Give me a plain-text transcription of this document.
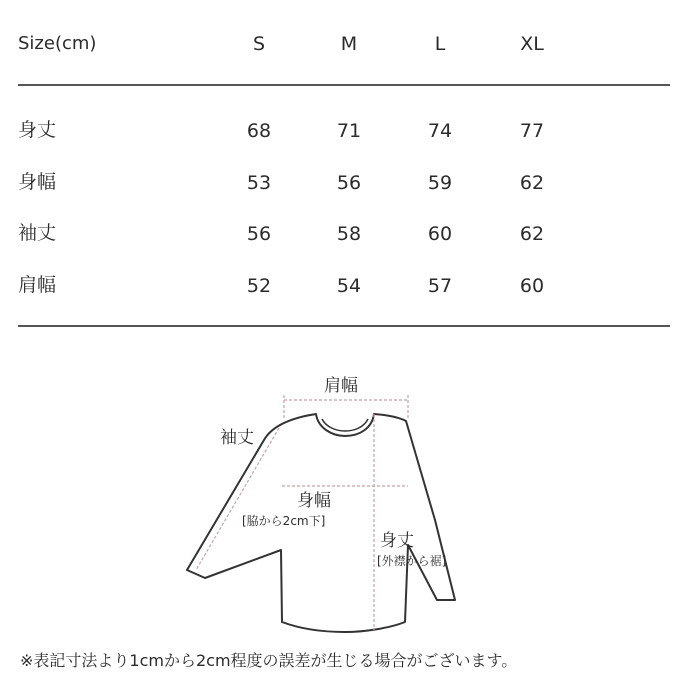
Size(cm)	S	M	L	XL
身丈	68	71	74	77
身幅	53	56	59	62
袖丈	56	58	60	62
肩幅	52	54	57	60
肩幅
袖丈
身幅
[脇から2cm下]
身丈
[外襟から裾]
※表記寸法より1cmから2cm程度の誤差が生じる場合がございます。
